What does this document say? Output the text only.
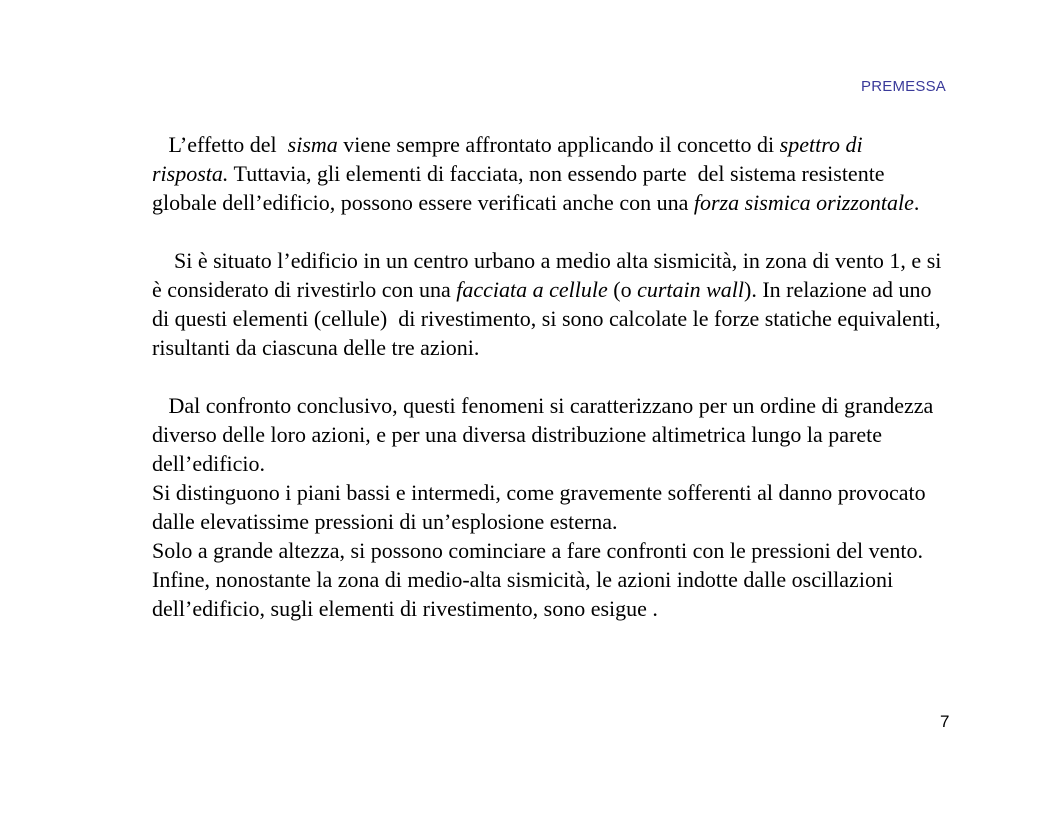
PREMESSA

L’effetto del  sisma viene sempre affrontato applicando il concetto di spettro di risposta. Tuttavia, gli elementi di facciata, non essendo parte  del sistema resistente globale dell’edificio, possono essere verificati anche con una forza sismica orizzontale.

Si è situato l’edificio in un centro urbano a medio alta sismicità, in zona di vento 1, e si è considerato di rivestirlo con una facciata a cellule (o curtain wall). In relazione ad uno di questi elementi (cellule)  di rivestimento, si sono calcolate le forze statiche equivalenti, risultanti da ciascuna delle tre azioni.

Dal confronto conclusivo, questi fenomeni si caratterizzano per un ordine di grandezza diverso delle loro azioni, e per una diversa distribuzione altimetrica lungo la parete dell’edificio.

Si distinguono i piani bassi e intermedi, come gravemente sofferenti al danno provocato dalle elevatissime pressioni di un’esplosione esterna.

Solo a grande altezza, si possono cominciare a fare confronti con le pressioni del vento. Infine, nonostante la zona di medio-alta sismicità, le azioni indotte dalle oscillazioni dell’edificio, sugli elementi di rivestimento, sono esigue .

7
